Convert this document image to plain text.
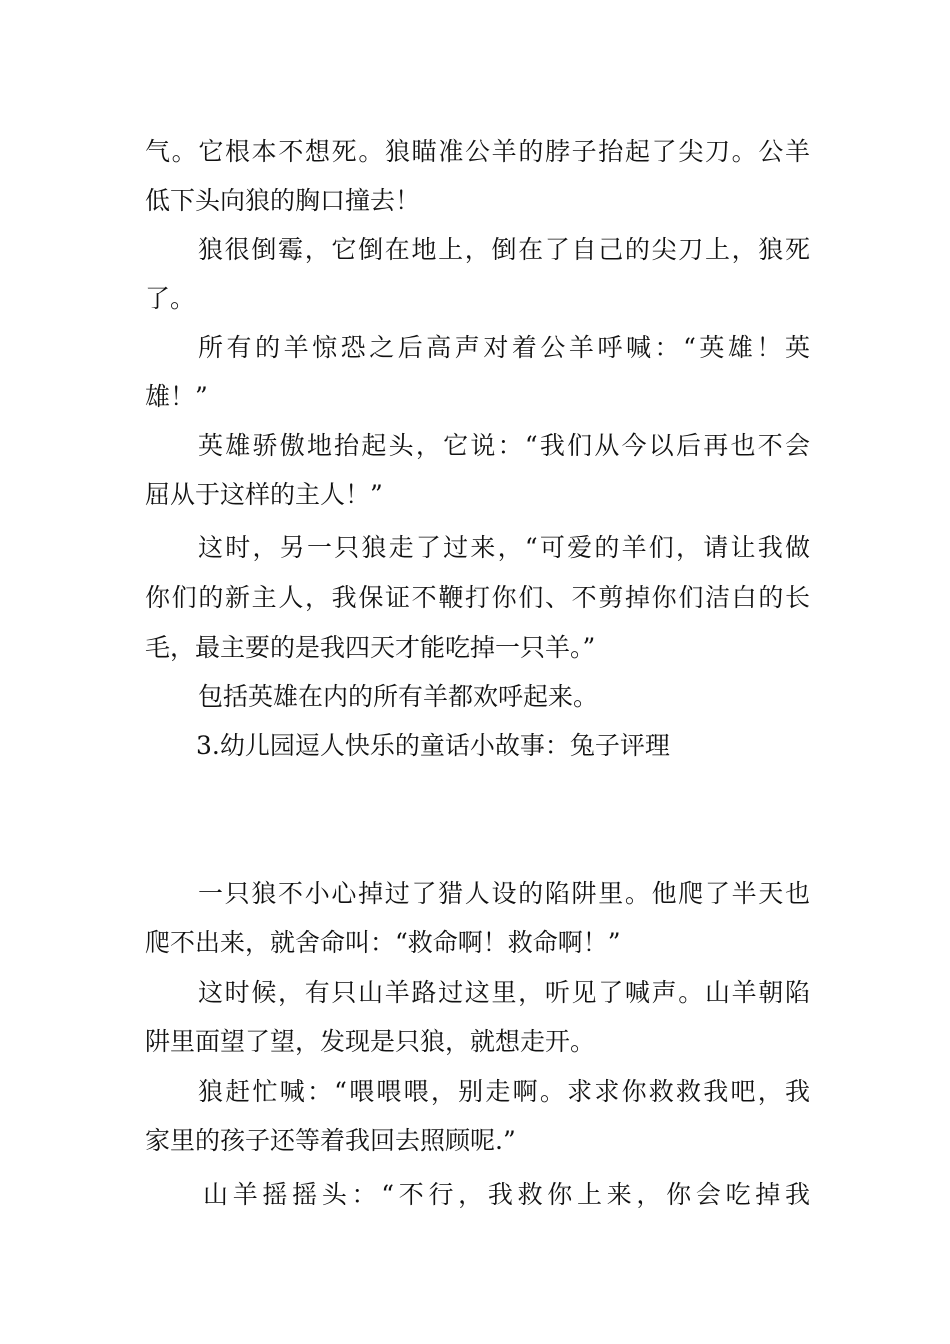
气。它根本不想死。狼瞄准公羊的脖子抬起了尖刀。公羊
低下头向狼的胸口撞去！
狼很倒霉，它倒在地上，倒在了自己的尖刀上，狼死
了。
所有的羊惊恐之后高声对着公羊呼喊：“英雄！英
雄！”
英雄骄傲地抬起头，它说：“我们从今以后再也不会
屈从于这样的主人！”
这时，另一只狼走了过来，“可爱的羊们，请让我做
你们的新主人，我保证不鞭打你们、不剪掉你们洁白的长
毛，最主要的是我四天才能吃掉一只羊。”
包括英雄在内的所有羊都欢呼起来。
3.幼儿园逗人快乐的童话小故事：兔子评理
一只狼不小心掉过了猎人设的陷阱里。他爬了半天也
爬不出来，就舍命叫：“救命啊！救命啊！”
这时候，有只山羊路过这里，听见了喊声。山羊朝陷
阱里面望了望，发现是只狼，就想走开。
狼赶忙喊：“喂喂喂，别走啊。求求你救救我吧，我
家里的孩子还等着我回去照顾呢.”
山羊摇摇头：“不行，我救你上来，你会吃掉我
